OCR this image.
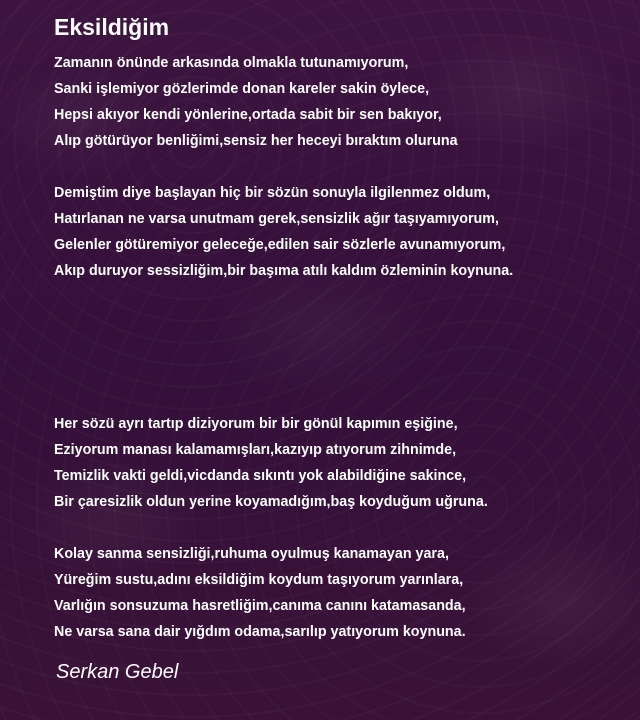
Eksildiğim
Zamanın önünde arkasında olmakla tutunamıyorum,
Sanki işlemiyor gözlerimde donan kareler sakin öylece,
Hepsi akıyor kendi yönlerine,ortada sabit bir sen bakıyor,
Alıp götürüyor benliğimi,sensiz her heceyi bıraktım oluruna
Demiştim diye başlayan hiç bir sözün sonuyla ilgilenmez oldum,
Hatırlanan ne varsa unutmam gerek,sensizlik ağır taşıyamıyorum,
Gelenler götüremiyor geleceğe,edilen sair sözlerle avunamıyorum,
Akıp duruyor sessizliğim,bir başıma atılı kaldım özleminin koynuna.
Her sözü ayrı tartıp diziyorum bir bir gönül kapımın eşiğine,
Eziyorum manası kalamamışları,kazıyıp atıyorum zihnimde,
Temizlik vakti geldi,vicdanda sıkıntı yok alabildiğine sakince,
Bir çaresizlik oldun yerine koyamadığım,baş koyduğum uğruna.
Kolay sanma sensizliği,ruhuma oyulmuş kanamayan yara,
Yüreğim sustu,adını eksildiğim koydum taşıyorum yarınlara,
Varlığın sonsuzuma hasretliğim,canıma canını katamasanda,
Ne varsa sana dair yığdım odama,sarılıp yatıyorum koynuna.
Serkan Gebel
